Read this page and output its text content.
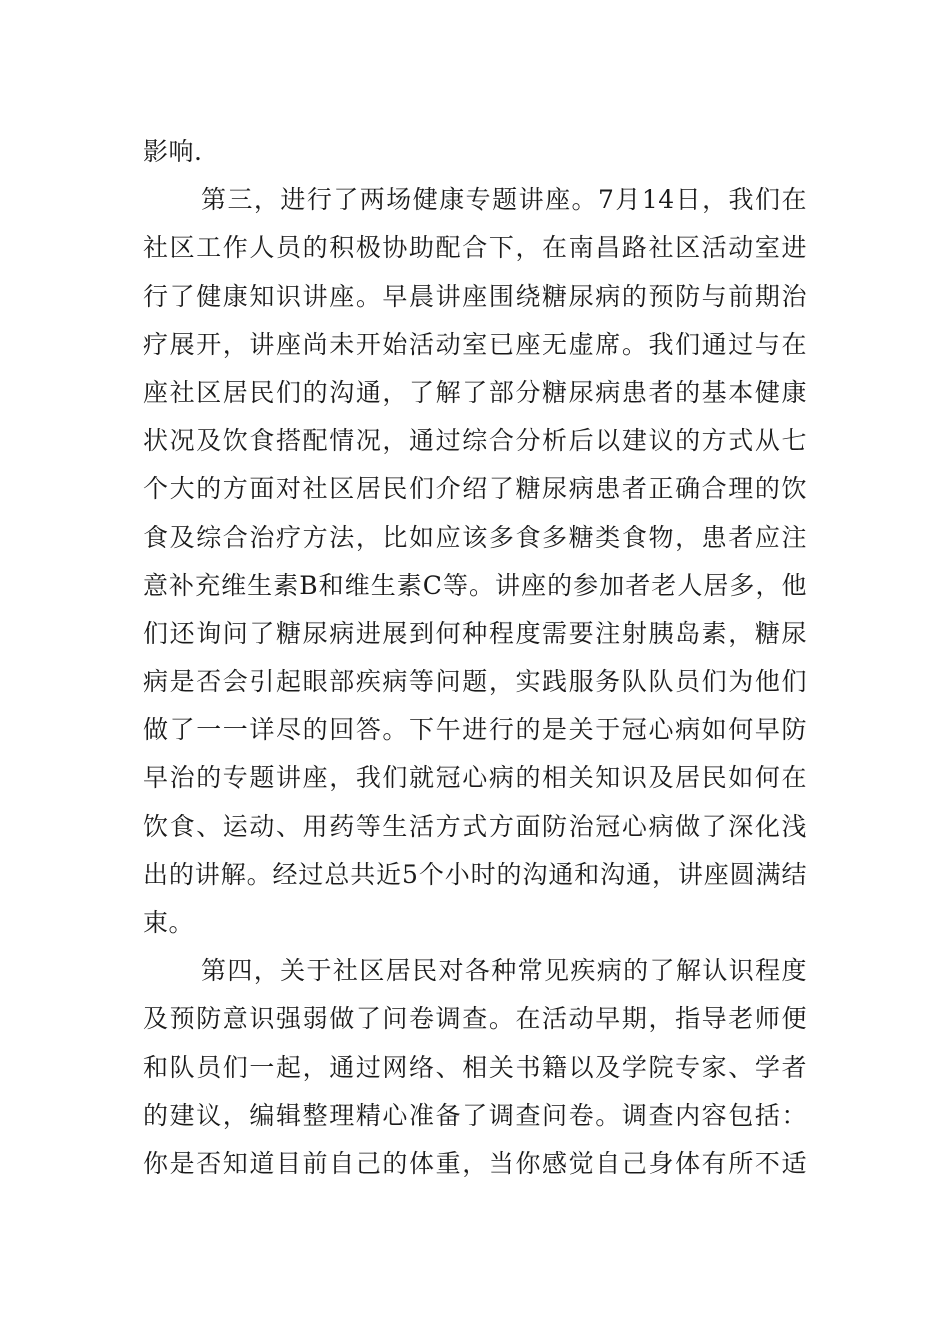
影响.
第三，进行了两场健康专题讲座。7月14日，我们在
社区工作人员的积极协助配合下，在南昌路社区活动室进
行了健康知识讲座。早晨讲座围绕糖尿病的预防与前期治
疗展开，讲座尚未开始活动室已座无虚席。我们通过与在
座社区居民们的沟通，了解了部分糖尿病患者的基本健康
状况及饮食搭配情况，通过综合分析后以建议的方式从七
个大的方面对社区居民们介绍了糖尿病患者正确合理的饮
食及综合治疗方法，比如应该多食多糖类食物，患者应注
意补充维生素B和维生素C等。讲座的参加者老人居多，他
们还询问了糖尿病进展到何种程度需要注射胰岛素，糖尿
病是否会引起眼部疾病等问题，实践服务队队员们为他们
做了一一详尽的回答。下午进行的是关于冠心病如何早防
早治的专题讲座，我们就冠心病的相关知识及居民如何在
饮食、运动、用药等生活方式方面防治冠心病做了深化浅
出的讲解。经过总共近5个小时的沟通和沟通，讲座圆满结
束。
第四，关于社区居民对各种常见疾病的了解认识程度
及预防意识强弱做了问卷调查。在活动早期，指导老师便
和队员们一起，通过网络、相关书籍以及学院专家、学者
的建议，编辑整理精心准备了调查问卷。调查内容包括：
你是否知道目前自己的体重，当你感觉自己身体有所不适
